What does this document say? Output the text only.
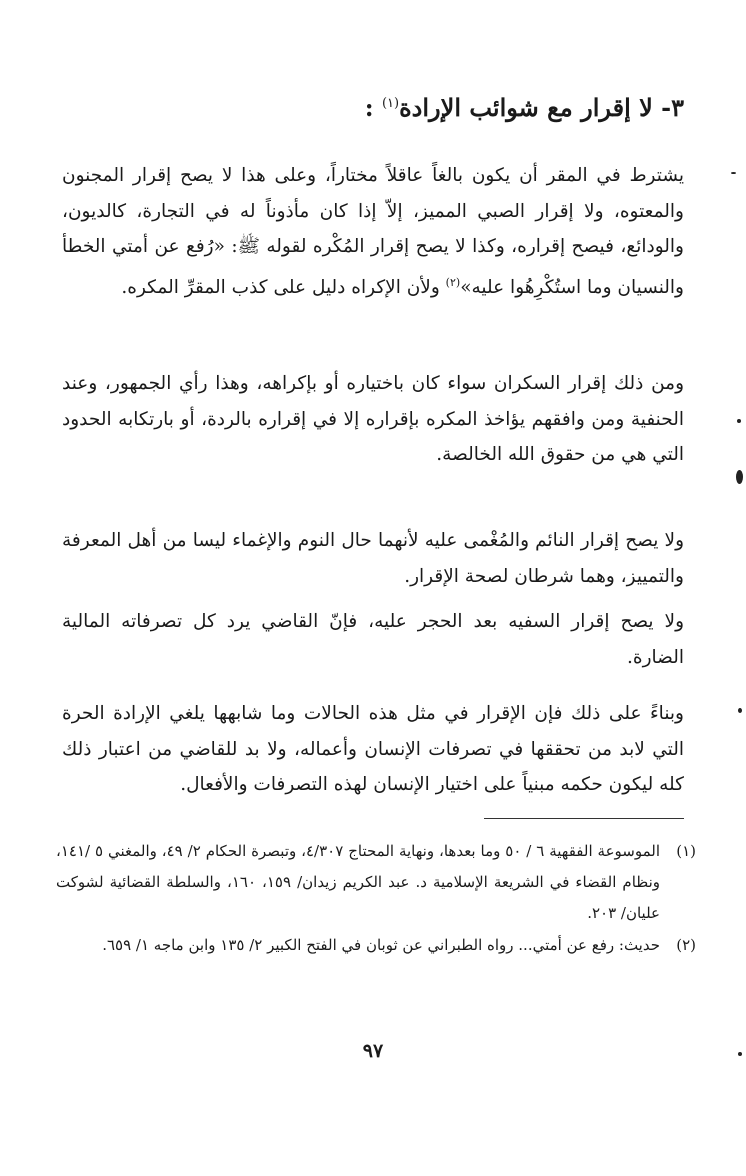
٣- لا إقرار مع شوائب الإرادة$^{(١)}$ :
يشترط في المقر أن يكون بالغاً عاقلاً مختاراً، وعلى هذا لا يصح إقرار المجنون والمعتوه، ولا إقرار الصبي المميز، إلاّ إذا كان مأذوناً له في التجارة، كالديون، والودائع، فيصح إقراره، وكذا لا يصح إقرار المُكْره لقوله ﷺ: «رُفع عن أمتي الخطأ والنسيان وما استُكْرِهُوا عليه»$^{(٢)}$ ولأن الإكراه دليل على كذب المقرِّ المكره.
ومن ذلك إقرار السكران سواء كان باختياره أو بإكراهه، وهذا رأي الجمهور، وعند الحنفية ومن وافقهم يؤاخذ المكره بإقراره إلا في إقراره بالردة، أو بارتكابه الحدود التي هي من حقوق الله الخالصة.
ولا يصح إقرار النائم والمُغْمى عليه لأنهما حال النوم والإغماء ليسا من أهل المعرفة والتمييز، وهما شرطان لصحة الإقرار.
ولا يصح إقرار السفيه بعد الحجر عليه، فإنّ القاضي يرد كل تصرفاته المالية الضارة.
وبناءً على ذلك فإن الإقرار في مثل هذه الحالات وما شابهها يلغي الإرادة الحرة التي لابد من تحققها في تصرفات الإنسان وأعماله، ولا بد للقاضي من اعتبار ذلك كله ليكون حكمه مبنياً على اختيار الإنسان لهذه التصرفات والأفعال.
(١)
الموسوعة الفقهية ٦ / ٥٠ وما بعدها، ونهاية المحتاج ٤/٣٠٧، وتبصرة الحكام ٢/ ٤٩، والمغني ٥ /١٤١، ونظام القضاء في الشريعة الإسلامية د. عبد الكريم زيدان/ ١٥٩، ١٦٠، والسلطة القضائية لشوكت عليان/ ٢٠٣.
(٢)
حديث: رفع عن أمتي... رواه الطبراني عن ثوبان في الفتح الكبير ٢/ ١٣٥ وابن ماجه ١/ ٦٥٩.
٩٧
